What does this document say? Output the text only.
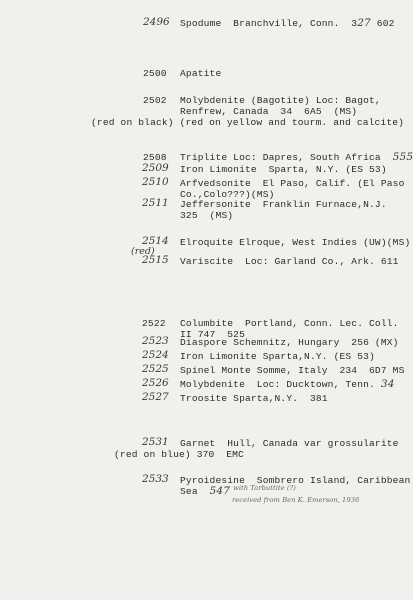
2496 Spodume  Branchville, Conn.  327 602
2500 Apatite
2502 Molybdenite (Bagotite) Loc: Bagot,
Renfrew, Canada  34  6A5  (MS)
(red on black) (red on yellow and tourm. and calcite)
2508 Triplite Loc: Dapres, South Africa  555
2509 Iron Limonite  Sparta, N.Y. (ES 53)
2510 Arfvedsonite  El Paso, Calif. (El Paso
Co.,Colo???)(MS)
2511 Jeffersonite  Franklin Furnace,N.J.
325  (MS)
2514
(red)
Elroquite Elroque, West Indies (UW)(MS)
2515 Variscite  Loc: Garland Co., Ark. 611
2522 Columbite  Portland, Conn. Lec. Coll.
II 747  525
2523 Diaspore Schemnitz, Hungary  256 (MX)
2524 Iron Limonite Sparta,N.Y. (ES 53)
2525 Spinel Monte Somme, Italy  234  6D7 MS
2526 Molybdenite  Loc: Ducktown, Tenn. 34
2527 Troosite Sparta,N.Y.  381
2531 Garnet  Hull, Canada var grossularite
(red on blue) 370  EMC
2533 Pyroidesine  Sombrero Island, Caribbean
Sea  547 with Tarbuttite (?)
received from Ben K. Emerson, 1936
